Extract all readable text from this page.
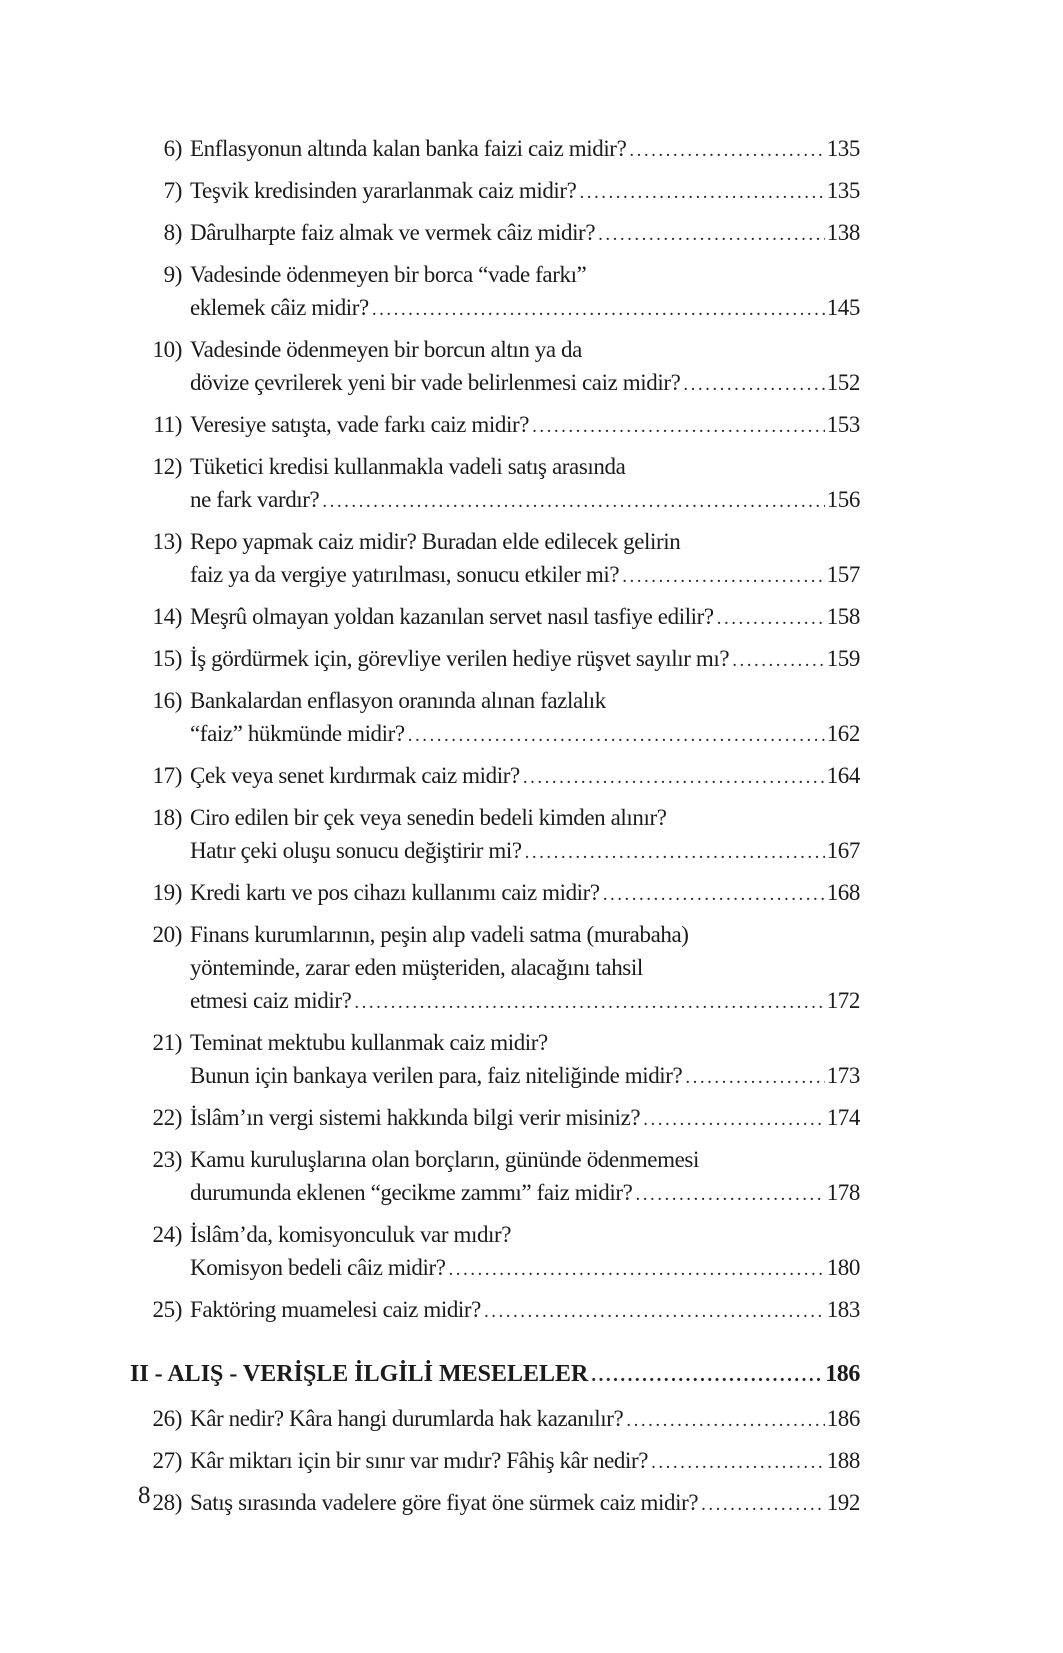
6) Enflasyonun altında kalan banka faizi caiz midir? .....	135
7) Teşvik kredisinden yararlanmak caiz midir? .....	135
8) Dârulharpte faiz almak ve vermek câiz midir? .....	138
9) Vadesinde ödenmeyen bir borca “vade farkı”
eklemek câiz midir? .....	145
10) Vadesinde ödenmeyen bir borcun altın ya da
dövize çevrilerek yeni bir vade belirlenmesi caiz midir? .....	152
11) Veresiye satışta, vade farkı caiz midir? .....	153
12) Tüketici kredisi kullanmakla vadeli satış arasında
ne fark vardır? .....	156
13) Repo yapmak caiz midir? Buradan elde edilecek gelirin
faiz ya da vergiye yatırılması, sonucu etkiler mi? .....	157
14) Meşrû olmayan yoldan kazanılan servet nasıl tasfiye edilir? .....	158
15) İş gördürmek için, görevliye verilen hediye rüşvet sayılır mı? .....	159
16) Bankalardan enflasyon oranında alınan fazlalık
“faiz” hükmünde midir? .....	162
17) Çek veya senet kırdırmak caiz midir? .....	164
18) Ciro edilen bir çek veya senedin bedeli kimden alınır?
Hatır çeki oluşu sonucu değiştirir mi? .....	167
19) Kredi kartı ve pos cihazı kullanımı caiz midir? .....	168
20) Finans kurumlarının, peşin alıp vadeli satma (murabaha)
yönteminde, zarar eden müşteriden, alacağını tahsil
etmesi caiz midir? .....	172
21) Teminat mektubu kullanmak caiz midir?
Bunun için bankaya verilen para, faiz niteliğinde midir? .....	173
22) İslâm’ın vergi sistemi hakkında bilgi verir misiniz? .....	174
23) Kamu kuruluşlarına olan borçların, gününde ödenmemesi
durumunda eklenen “gecikme zammı” faiz midir? .....	178
24) İslâm’da, komisyonculuk var mıdır?
Komisyon bedeli câiz midir? .....	180
25) Faktöring muamelesi caiz midir? .....	183
II - ALIŞ - VERİŞLE İLGİLİ MESELELER .....	186
26) Kâr nedir? Kâra hangi durumlarda hak kazanılır? .....	186
27) Kâr miktarı için bir sınır var mıdır? Fâhiş kâr nedir? .....	188
28) Satış sırasında vadelere göre fiyat öne sürmek caiz midir? .....	192
8
